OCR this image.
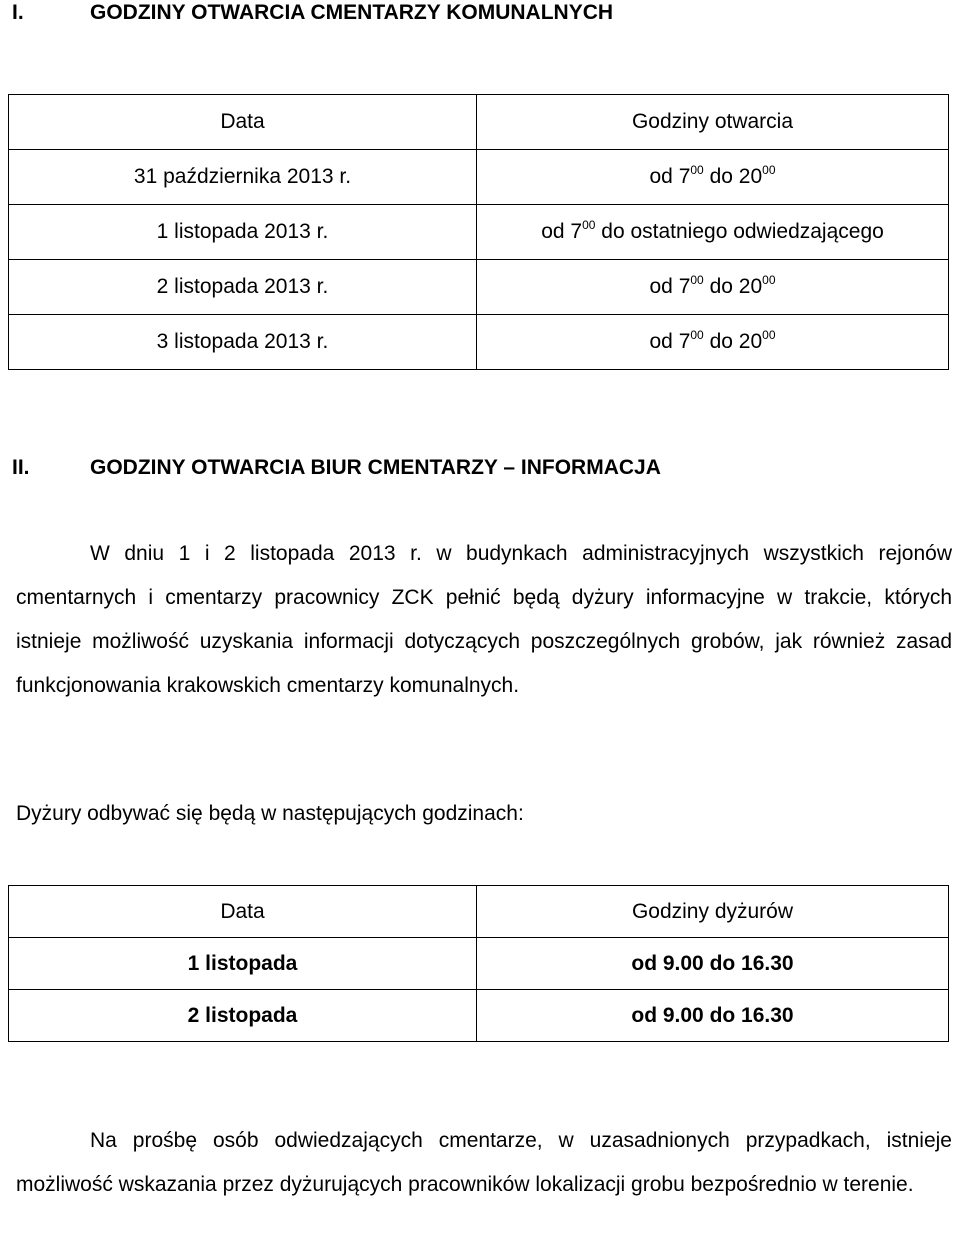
I.	GODZINY OTWARCIA CMENTARZY KOMUNALNYCH
Data	Godziny otwarcia
31 października 2013 r.	od $7^{00}$ do $20^{00}$
1 listopada 2013 r.	od $7^{00}$ do ostatniego odwiedzającego
2 listopada 2013 r.	od $7^{00}$ do $20^{00}$
3 listopada 2013 r.	od $7^{00}$ do $20^{00}$
II.	GODZINY OTWARCIA BIUR CMENTARZY – INFORMACJA
W dniu 1 i 2 listopada 2013 r. w budynkach administracyjnych wszystkich rejonów cmentarnych i cmentarzy pracownicy ZCK pełnić będą dyżury informacyjne w trakcie, których istnieje możliwość uzyskania informacji dotyczących poszczególnych grobów, jak również zasad funkcjonowania krakowskich cmentarzy komunalnych.
Dyżury odbywać się będą w następujących godzinach:
Data	Godziny dyżurów
1 listopada	od 9.00 do 16.30
2 listopada	od 9.00 do 16.30
Na prośbę osób odwiedzających cmentarze, w uzasadnionych przypadkach, istnieje możliwość wskazania przez dyżurujących pracowników lokalizacji grobu bezpośrednio w terenie.
